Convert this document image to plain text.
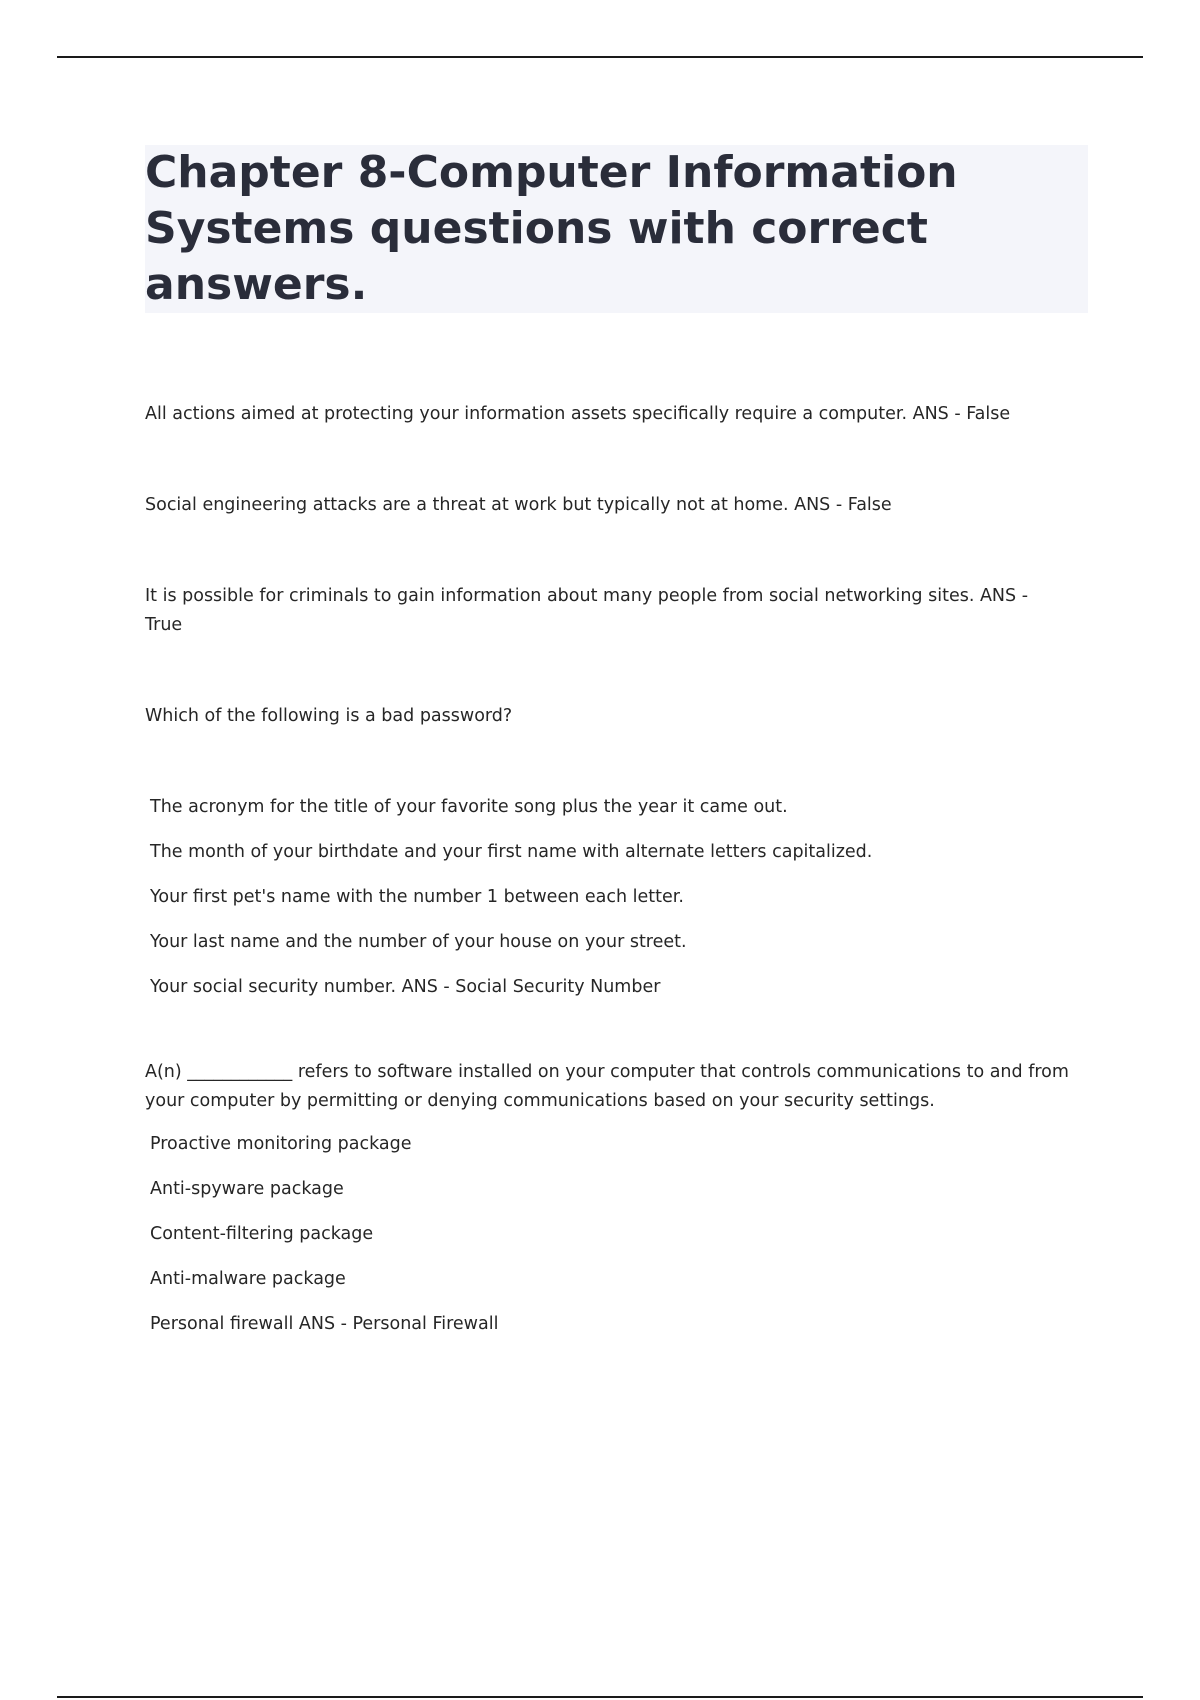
Chapter 8-Computer Information Systems questions with correct answers.

All actions aimed at protecting your information assets specifically require a computer. ANS - False

Social engineering attacks are a threat at work but typically not at home. ANS - False

It is possible for criminals to gain information about many people from social networking sites. ANS - True

Which of the following is a bad password?

The acronym for the title of your favorite song plus the year it came out.

The month of your birthdate and your first name with alternate letters capitalized.

Your first pet's name with the number 1 between each letter.

Your last name and the number of your house on your street.

Your social security number. ANS - Social Security Number

A(n) ____________ refers to software installed on your computer that controls communications to and from your computer by permitting or denying communications based on your security settings.

Proactive monitoring package

Anti-spyware package

Content-filtering package

Anti-malware package

Personal firewall ANS - Personal Firewall
